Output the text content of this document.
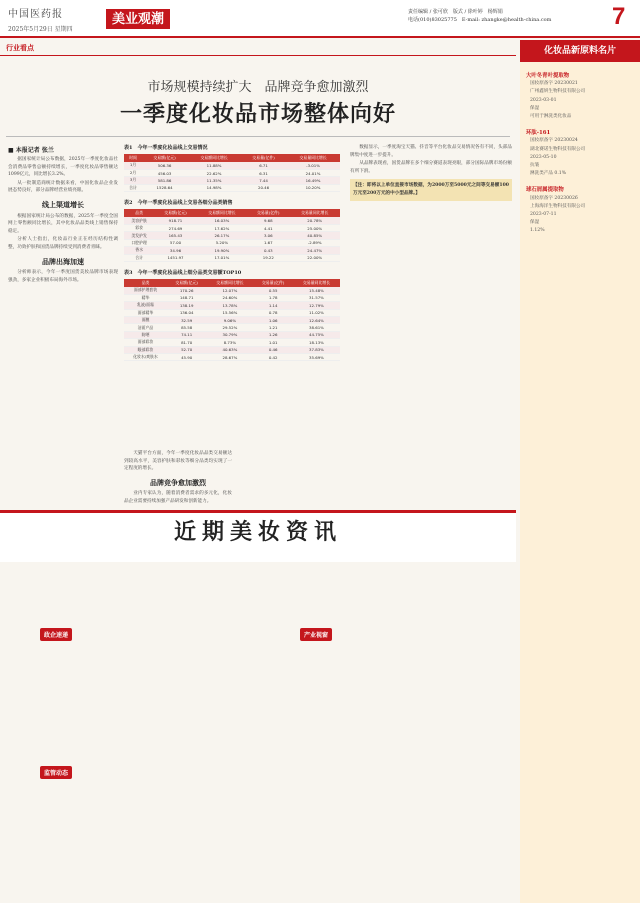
中国医药报
2025年5月29日 星期四
美业观潮	责任编辑 / 张可欣　版式 / 徐叶婷　杨辉娟
电话(010)83025775　E-mail: zhangke@health-china.com	7
行业看点
市场规模持续扩大　品牌竞争愈加激烈
一季度化妆品市场整体向好
■ 本报记者 张兰

据国家统计局公布数据，2025年一季度化妆品社会消费品零售总额持续增长，一季度化妆品零售额达1099亿元，同比增长3.2%。

从一批制造商统计数据来看，中国化妆品企业发展态势良好，部分品牌经营业绩亮眼。

线上渠道增长

根据国家统计局公布的数据，2025年一季度全国网上零售额同比增长，其中化妆品品类线上销售保持稳定。

分析人士指出，化妆品行业正在经历结构性调整，功效护肤和国货品牌持续受到消费者青睐。

品牌出海加速

分析师表示，今年一季度国货美妆品牌市场表现强劲，多家企业积极布局海外市场。

表1　今年一季度化妆品线上交易情况
时间	交易额(亿元)	交易额同比增长	交易量(亿件)	交易量同比增长
1月	506.36	11.88%	6.71	-3.01%
2月	456.03	22.62%	6.31	24.01%
3月	581.86	11.35%	7.44	16.49%
合计	1528.64	14.98%	20.46	10.20%
表2　今年一季度化妆品线上交易各细分品类销售
品类	交易额(亿元)	交易额同比增长	交易量(亿件)	交易量同比增长
美容护肤	918.71	16.03%	9.68	20.78%
彩妆	274.69	17.62%	4.41	25.00%
美发护发	165.43	26.17%	3.06	40.85%
口腔护理	57.00	5.20%	1.67	-2.89%
香水	34.96	19.90%	0.43	24.47%
合计	1451.97	17.01%	19.22	22.00%
表3　今年一季度化妆品线上细分品类交易额TOP10
品类	交易额(亿元)	交易额同比增长	交易量(亿件)	交易量同比增长
面部护理套装	170.26	12.07%	0.55	15.48%
精华	148.71	24.60%	1.78	31.57%
乳液/面霜	138.19	13.78%	1.14	12.79%
面部精华	136.04	15.56%	0.78	11.02%
面膜	32.59	9.06%	1.06	12.64%
洁面产品	85.58	29.52%	1.21	38.61%
防晒	74.11	30.79%	1.26	44.75%
面部彩妆	81.70	8.73%	1.01	18.13%
眼部彩妆	52.70	40.63%	0.46	37.83%
化妆水/爽肤水	45.90	28.67%	0.42	35.69%

天猫平台方面，今年一季度化妆品品类交易额达到较高水平，美容护肤和彩妆等细分品类均实现了一定程度的增长。

品牌竞争愈加激烈

业内专家认为，随着消费者需求的多元化，化妆品企业需要持续加强产品研发和创新能力。

数据显示，一季度淘宝天猫、抖音等平台化妆品交易情况各有不同，头部品牌集中度进一步提升。

从品牌表现看，国货品牌在多个细分赛道表现亮眼，部分国际品牌市场份额有所下滑。

【注：即将以上单位直接市场数据，为2000万至5000元之间等交易额100万元至200万元的中小型品牌。】

近期美妆资讯
政企速递
监管动态
产业视窗
化妆品新原料名片
大叶冬青叶提取物
国妆原备字 20230021
广州鑫妍生物科技有限公司
2023-03-01
保湿
可用于淋洗类化妆品
环肽-161
国妆原备字 20230024
湖北赛诺生物科技有限公司
2023-05-10
抗皱
淋洗类产品 0.1%
球石屑属提取物
国妆原备字 20230026
上海海洋生物科技有限公司
2023-07-11
保湿
1.12%
